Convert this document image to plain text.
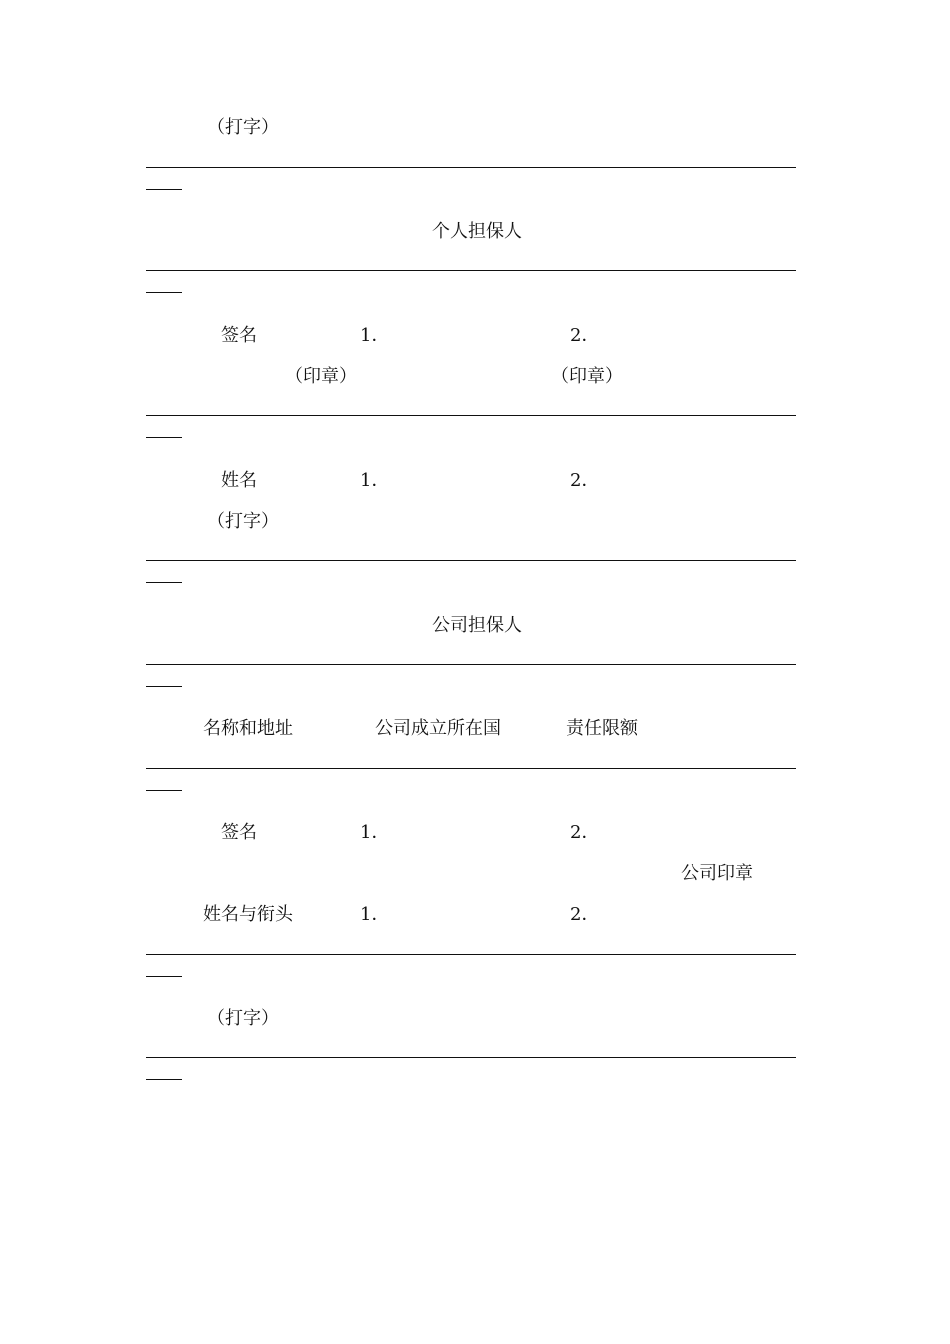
（打字）
个人担保人
签名	1．	2．
（印章）	（印章）
姓名	1．	2．
（打字）
公司担保人
名称和地址	公司成立所在国	责任限额
签名	1．	2．
公司印章
姓名与衔头	1．	2．
（打字）
